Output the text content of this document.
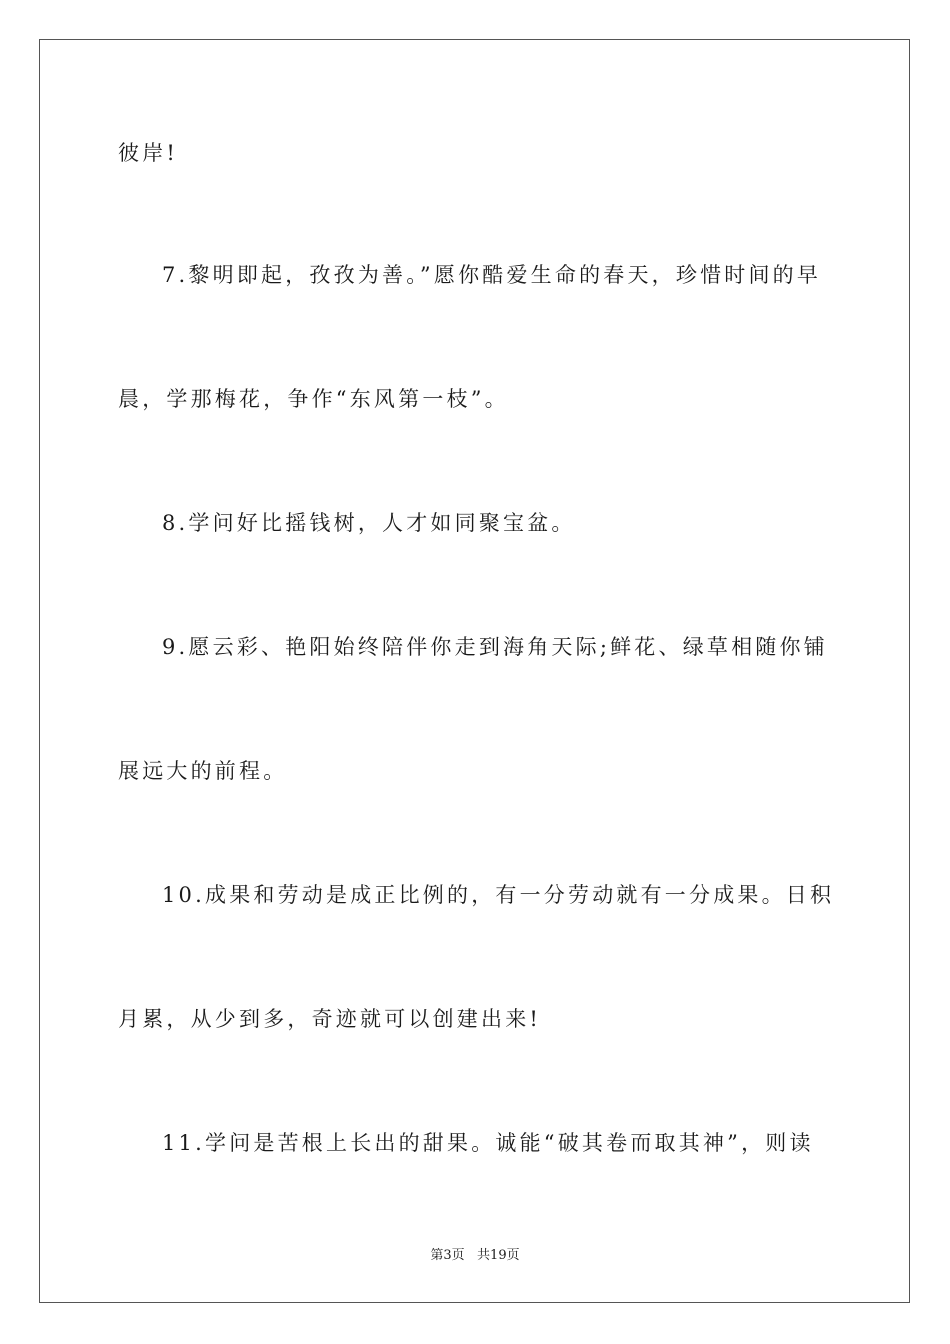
彼岸!
7.黎明即起，孜孜为善。”愿你酷爱生命的春天，珍惜时间的早
晨，学那梅花，争作“东风第一枝”。
8.学问好比摇钱树，人才如同聚宝盆。
9.愿云彩、艳阳始终陪伴你走到海角天际;鲜花、绿草相随你铺
展远大的前程。
10.成果和劳动是成正比例的，有一分劳动就有一分成果。日积
月累，从少到多，奇迹就可以创建出来!
11.学问是苦根上长出的甜果。诚能“破其卷而取其神”，则读
第3页   共19页
